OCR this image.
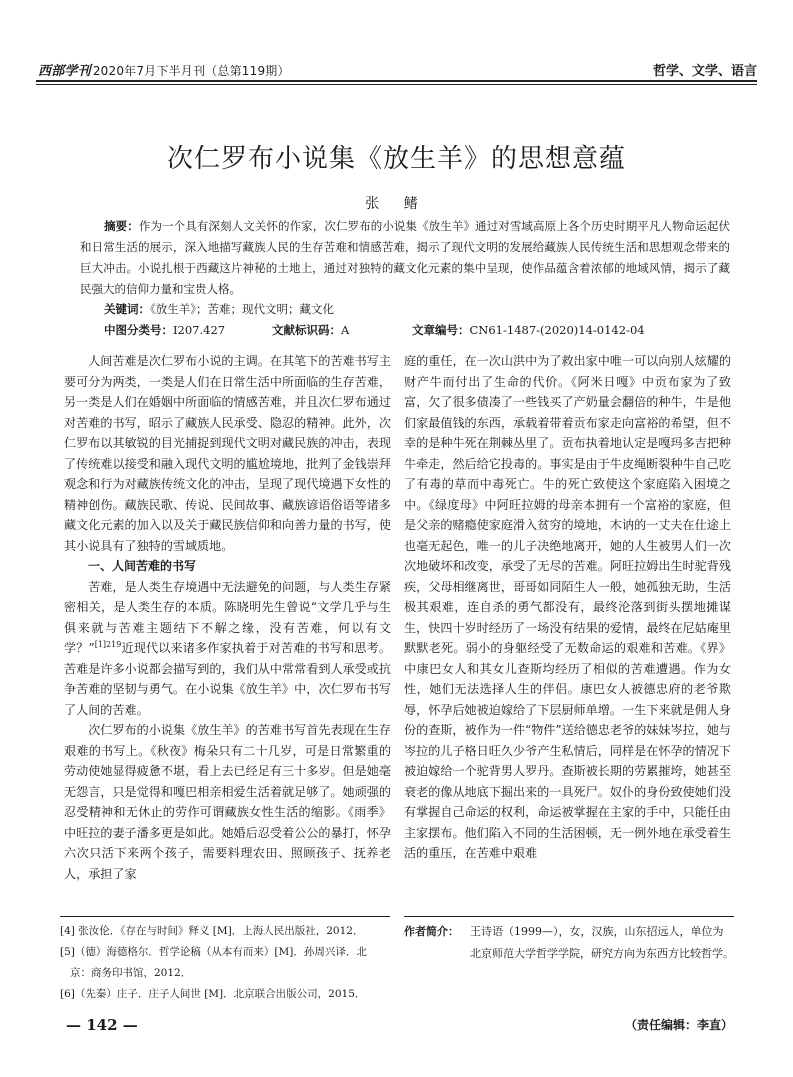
西部学刊 2020年7月下半月刊（总第119期）	哲学、文学、语言
次仁罗布小说集《放生羊》的思想意蕴
张 鳍
摘要：作为一个具有深刻人文关怀的作家，次仁罗布的小说集《放生羊》通过对雪域高原上各个历史时期平凡人物命运起伏和日常生活的展示，深入地描写藏族人民的生存苦难和情感苦难，揭示了现代文明的发展给藏族人民传统生活和思想观念带来的巨大冲击。小说扎根于西藏这片神秘的土地上，通过对独特的藏文化元素的集中呈现，使作品蕴含着浓郁的地域风情，揭示了藏民强大的信仰力量和宝贵人格。
关键词：《放生羊》；苦难；现代文明；藏文化
中图分类号：I207.427	文献标识码：A	文章编号：CN61-1487-(2020)14-0142-04

人间苦难是次仁罗布小说的主调。在其笔下的苦难书写主要可分为两类，一类是人们在日常生活中所面临的生存苦难，另一类是人们在婚姻中所面临的情感苦难，并且次仁罗布通过对苦难的书写，昭示了藏族人民承受、隐忍的精神。此外，次仁罗布以其敏锐的目光捕捉到现代文明对藏民族的冲击，表现了传统难以接受和融入现代文明的尴尬境地，批判了金钱崇拜观念和行为对藏族传统文化的冲击，呈现了现代境遇下女性的精神创伤。藏族民歌、传说、民间故事、藏族谚语俗语等诸多藏文化元素的加入以及关于藏民族信仰和向善力量的书写，使其小说具有了独特的雪域质地。

一、人间苦难的书写

苦难，是人类生存境遇中无法避免的问题，与人类生存紧密相关，是人类生存的本质。陈晓明先生曾说“文学几乎与生俱来就与苦难主题结下不解之缘，没有苦难，何以有文学？”$^{[1]219}$近现代以来诸多作家执着于对苦难的书写和思考。苦难是许多小说都会描写到的，我们从中常常看到人承受或抗争苦难的坚韧与勇气。在小说集《放生羊》中，次仁罗布书写了人间的苦难。

次仁罗布的小说集《放生羊》的苦难书写首先表现在生存艰难的书写上。《秋夜》梅朵只有二十几岁，可是日常繁重的劳动使她显得疲惫不堪，看上去已经足有三十多岁。但是她毫无怨言，只是觉得和嘎巴相亲相爱生活着就足够了。她顽强的忍受精神和无休止的劳作可谓藏族女性生活的缩影。《雨季》中旺拉的妻子潘多更是如此。她婚后忍受着公公的暴打，怀孕六次只活下来两个孩子，需要料理农田、照顾孩子、抚养老人，承担了家

庭的重任，在一次山洪中为了救出家中唯一可以向别人炫耀的财产牛而付出了生命的代价。《阿米日嘎》中贡布家为了致富，欠了很多债凑了一些钱买了产奶量会翻倍的种牛，牛是他们家最值钱的东西，承载着带着贡布家走向富裕的希望，但不幸的是种牛死在荆棘丛里了。贡布执着地认定是嘎玛多吉把种牛牵走，然后给它投毒的。事实是由于牛皮绳断裂种牛自己吃了有毒的草而中毒死亡。牛的死亡致使这个家庭陷入困境之中。《绿度母》中阿旺拉姆的母亲本拥有一个富裕的家庭，但是父亲的赌瘾使家庭滑入贫穷的境地，木讷的一丈夫在仕途上也毫无起色，唯一的儿子决绝地离开，她的人生被男人们一次次地破坏和改变，承受了无尽的苦难。阿旺拉姆出生时驼背残疾，父母相继离世，哥哥如同陌生人一般，她孤独无助，生活极其艰难，连自杀的勇气都没有，最终沦落到街头摆地摊谋生，快四十岁时经历了一场没有结果的爱情，最终在尼姑庵里默默老死。弱小的身躯经受了无数命运的艰难和苦难。《界》中康巴女人和其女儿查斯均经历了相似的苦难遭遇。作为女性，她们无法选择人生的伴侣。康巴女人被德忠府的老爷欺辱，怀孕后她被迫嫁给了下层厨师单增。一生下来就是佣人身份的查斯，被作为一件“物件”送给德忠老爷的妹妹岑拉，她与岑拉的儿子格日旺久少爷产生私情后，同样是在怀孕的情况下被迫嫁给一个驼背男人罗丹。查斯被长期的劳累摧垮，她甚至衰老的像从地底下掘出来的一具死尸。奴仆的身份致使她们没有掌握自己命运的权利，命运被掌握在主家的手中，只能任由主家摆布。他们陷入不同的生活困顿，无一例外地在承受着生活的重压，在苦难中艰难

[4] 张汝伦．《存在与时间》释义 [M]．上海人民出版社，2012．
[5]（德）海德格尔．哲学论稿（从本有而来）[M]．孙周兴译．北
京：商务印书馆，2012．
[6]（先秦）庄子．庄子人间世 [M]．北京联合出版公司，2015．
作者简介：	王诗语（1999—），女，汉族，山东招远人，单位为北京师范大学哲学学院，研究方向为东西方比较哲学。
（责任编辑：李直）
— 142 —
